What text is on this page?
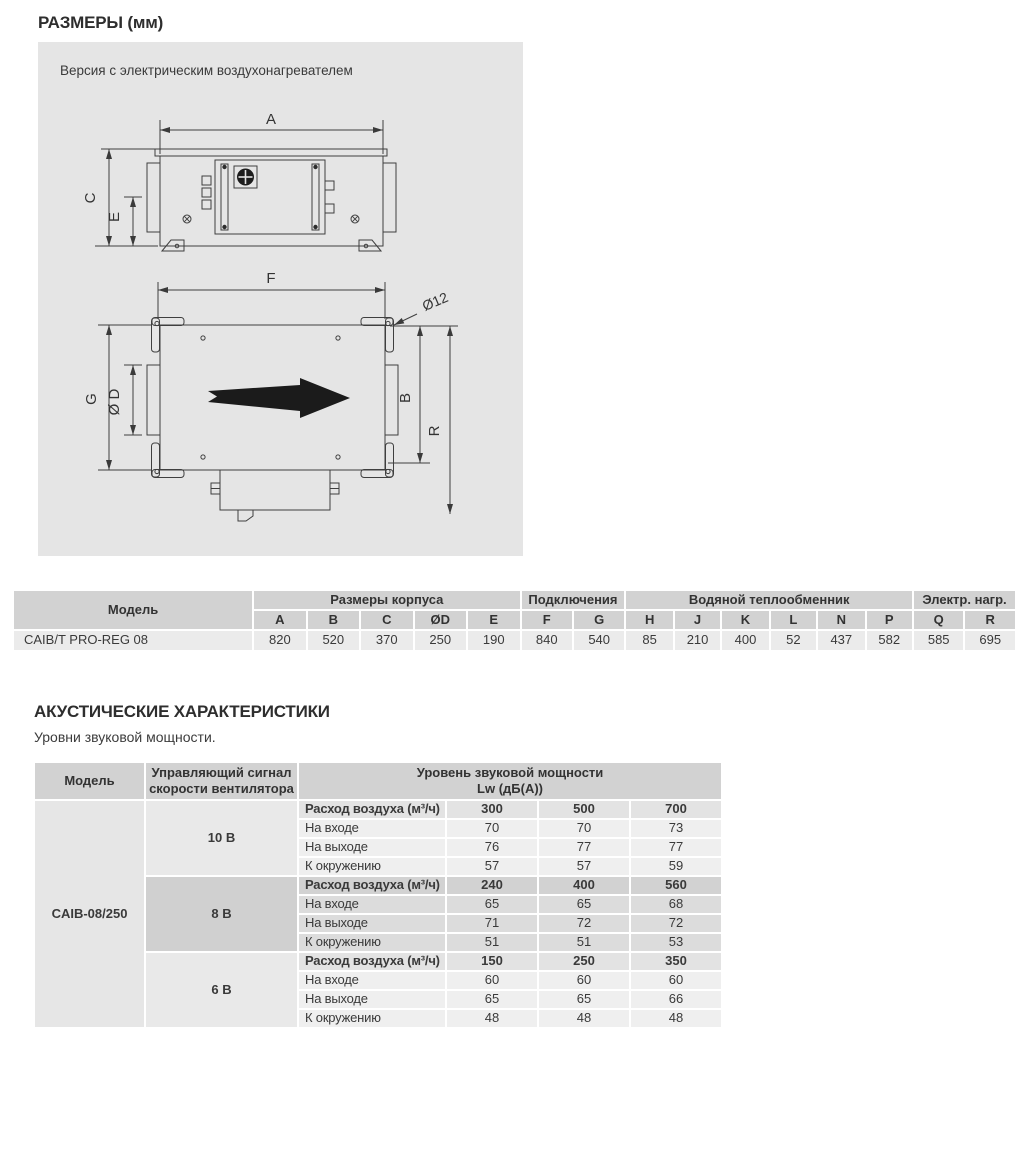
РАЗМЕРЫ (мм)
Версия с электрическим воздухонагревателем
A
C
E
F
G Ø D	B
R
Ø12
Модель	Размеры корпуса					Подключения		Водяной теплообменник						Электр. нагр.	
	A	B	C	ØD	E	F	G	H	J	K	L	N	P	Q	R
CAIB/T PRO-REG 08	820	520	370	250	190	840	540	85	210	400	52	437	582	585	695
АКУСТИЧЕСКИЕ ХАРАКТЕРИСТИКИ
Уровни звуковой мощности.
Модель	Управляющий сигнал скорости вентилятора	Уровень звуковой мощности
Lw (дБ(А))			

CAIB-08/250	10 В	Расход воздуха (м³/ч)	300	500	700
		На входе	70	70	73
		На выходе	76	77	77
		К окружению	57	57	59
	8 В	Расход воздуха (м³/ч)	240	400	560
		На входе	65	65	68
		На выходе	71	72	72
		К окружению	51	51	53
	6 В	Расход воздуха (м³/ч)	150	250	350
		На входе	60	60	60
		На выходе	65	65	66
		К окружению	48	48	48
